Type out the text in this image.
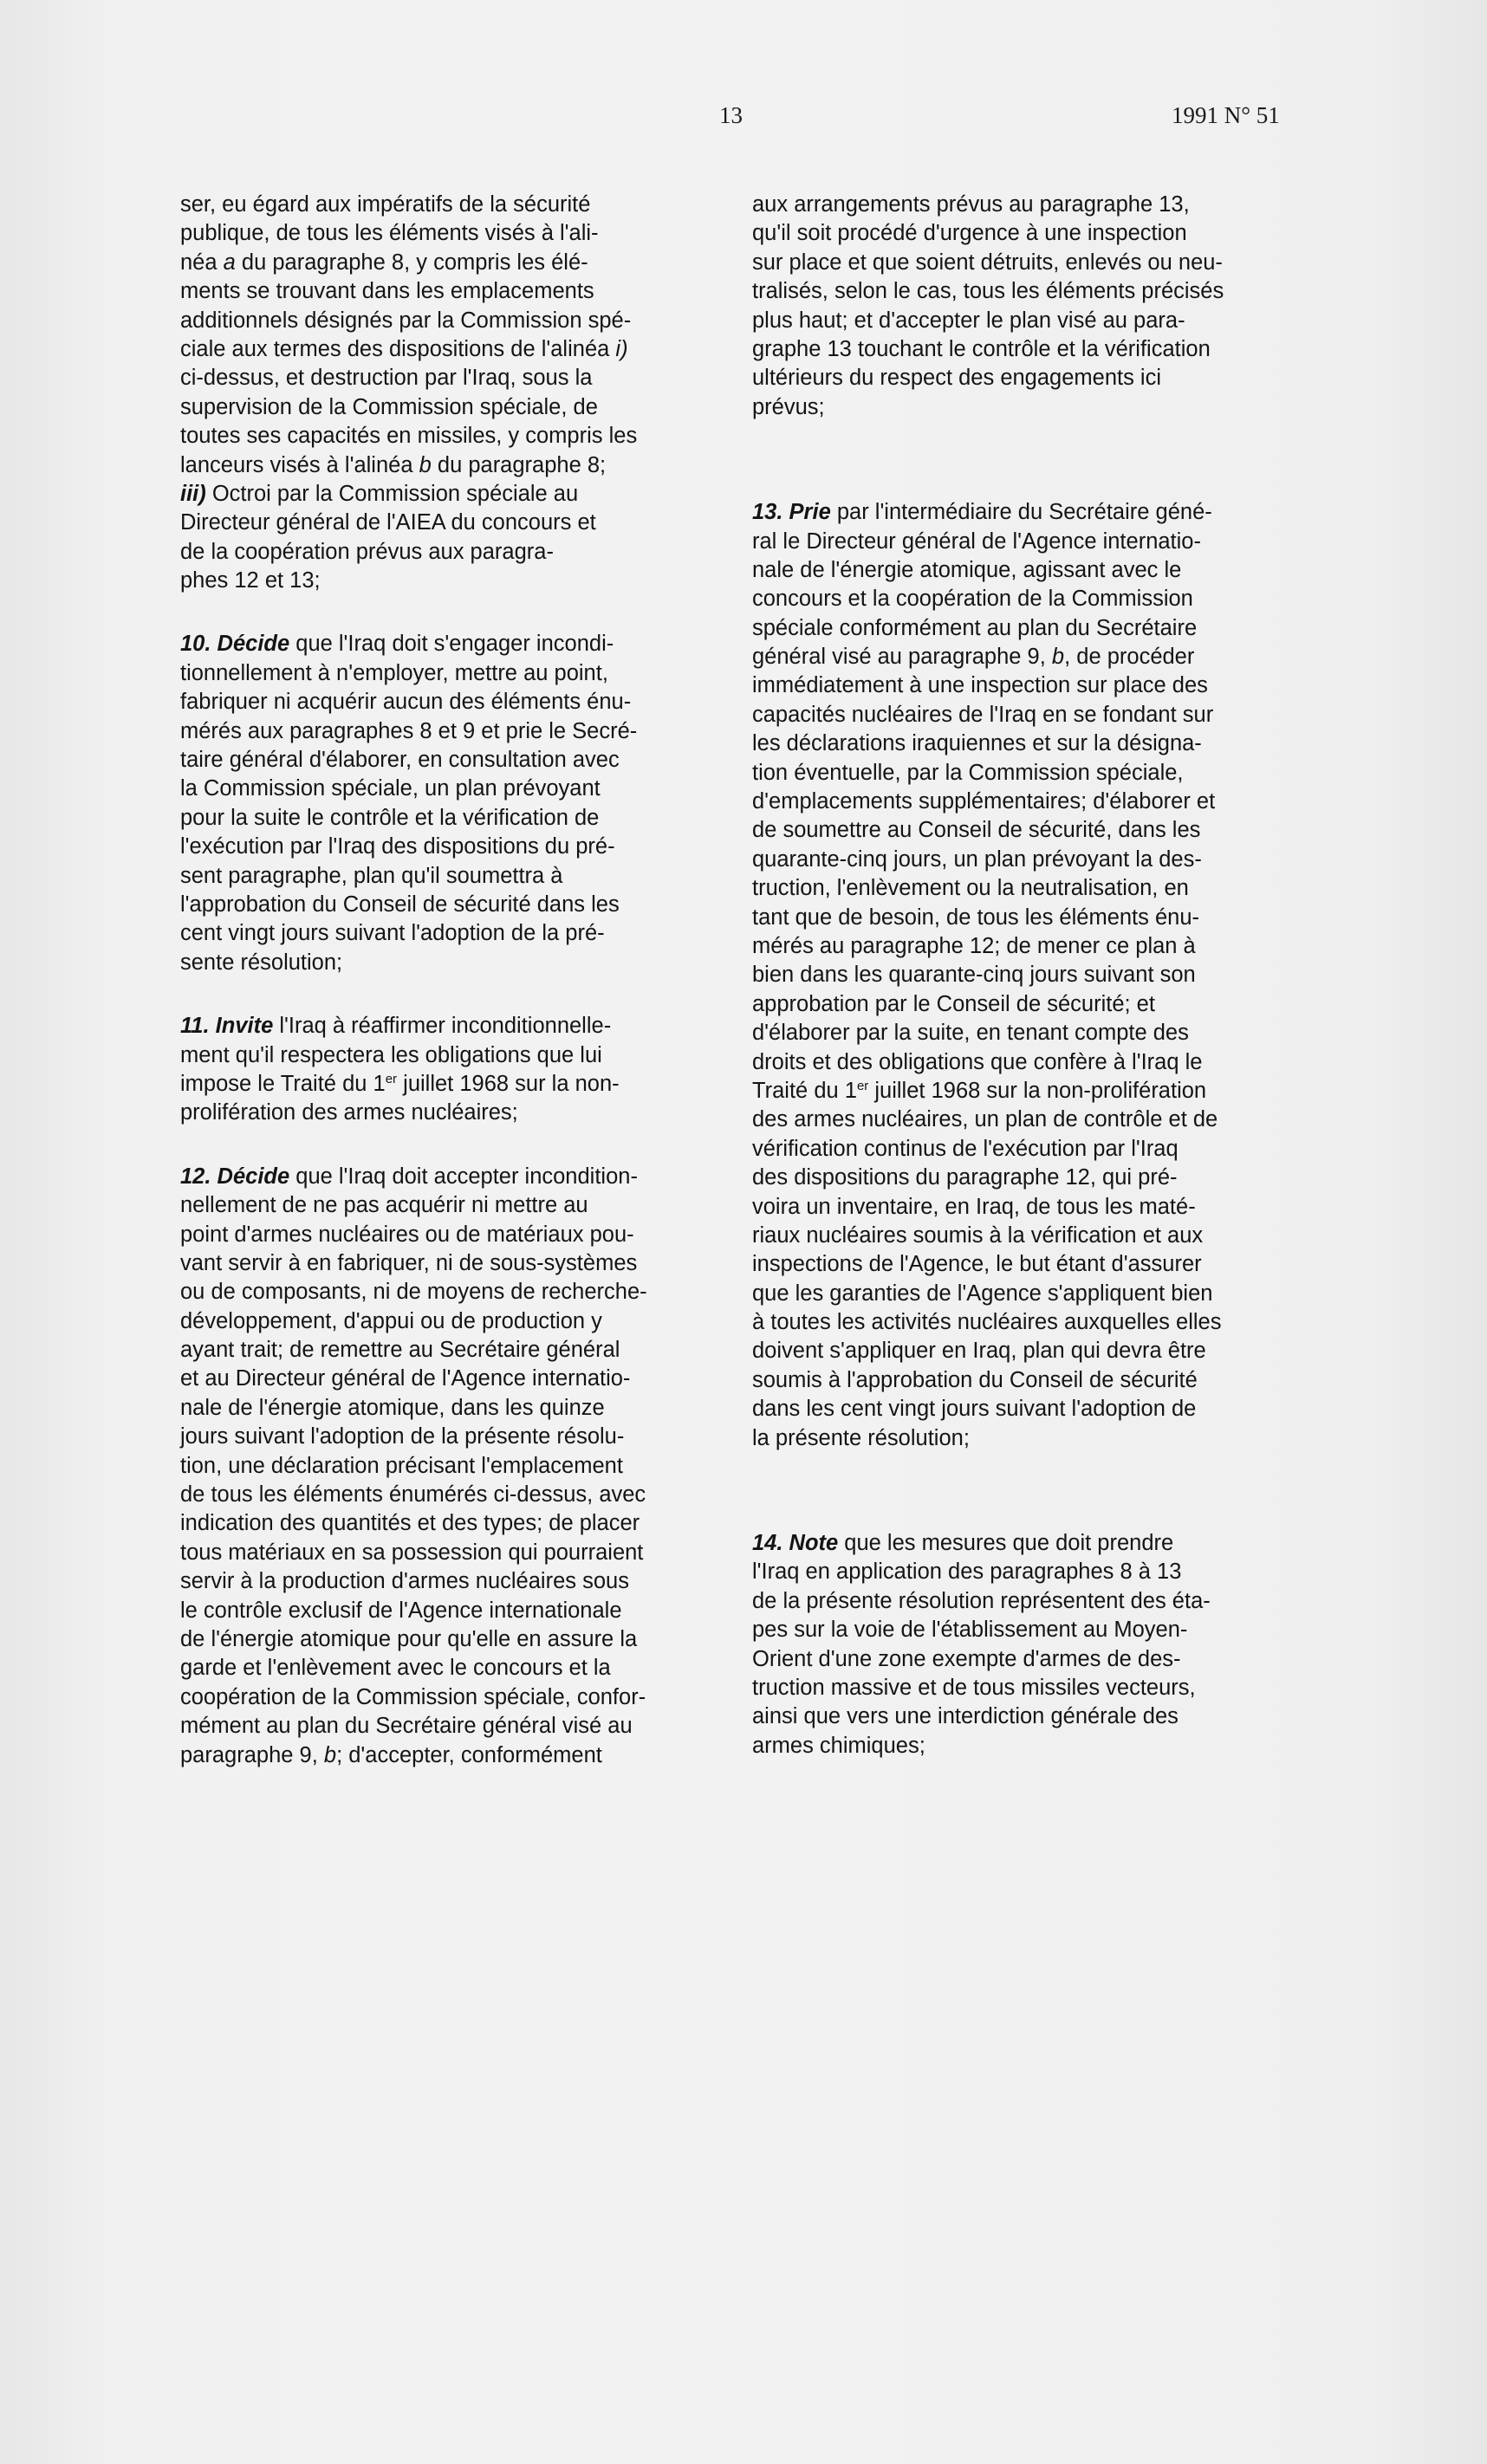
13	1991 N° 51
ser, eu égard aux impératifs de la sécurité
publique, de tous les éléments visés à l'ali-
néa a du paragraphe 8, y compris les élé-
ments se trouvant dans les emplacements
additionnels désignés par la Commission spé-
ciale aux termes des dispositions de l'alinéa i)
ci-dessus, et destruction par l'Iraq, sous la
supervision de la Commission spéciale, de
toutes ses capacités en missiles, y compris les
lanceurs visés à l'alinéa b du paragraphe 8;
iii) Octroi par la Commission spéciale au
Directeur général de l'AIEA du concours et
de la coopération prévus aux paragra-
phes 12 et 13;
10. Décide que l'Iraq doit s'engager incondi-
tionnellement à n'employer, mettre au point,
fabriquer ni acquérir aucun des éléments énu-
mérés aux paragraphes 8 et 9 et prie le Secré-
taire général d'élaborer, en consultation avec
la Commission spéciale, un plan prévoyant
pour la suite le contrôle et la vérification de
l'exécution par l'Iraq des dispositions du pré-
sent paragraphe, plan qu'il soumettra à
l'approbation du Conseil de sécurité dans les
cent vingt jours suivant l'adoption de la pré-
sente résolution;
11. Invite l'Iraq à réaffirmer inconditionnelle-
ment qu'il respectera les obligations que lui
impose le Traité du 1er juillet 1968 sur la non-
prolifération des armes nucléaires;
12. Décide que l'Iraq doit accepter incondition-
nellement de ne pas acquérir ni mettre au
point d'armes nucléaires ou de matériaux pou-
vant servir à en fabriquer, ni de sous-systèmes
ou de composants, ni de moyens de recherche-
développement, d'appui ou de production y
ayant trait; de remettre au Secrétaire général
et au Directeur général de l'Agence internatio-
nale de l'énergie atomique, dans les quinze
jours suivant l'adoption de la présente résolu-
tion, une déclaration précisant l'emplacement
de tous les éléments énumérés ci-dessus, avec
indication des quantités et des types; de placer
tous matériaux en sa possession qui pourraient
servir à la production d'armes nucléaires sous
le contrôle exclusif de l'Agence internationale
de l'énergie atomique pour qu'elle en assure la
garde et l'enlèvement avec le concours et la
coopération de la Commission spéciale, confor-
mément au plan du Secrétaire général visé au
paragraphe 9, b; d'accepter, conformément
aux arrangements prévus au paragraphe 13,
qu'il soit procédé d'urgence à une inspection
sur place et que soient détruits, enlevés ou neu-
tralisés, selon le cas, tous les éléments précisés
plus haut; et d'accepter le plan visé au para-
graphe 13 touchant le contrôle et la vérification
ultérieurs du respect des engagements ici
prévus;
13. Prie par l'intermédiaire du Secrétaire géné-
ral le Directeur général de l'Agence internatio-
nale de l'énergie atomique, agissant avec le
concours et la coopération de la Commission
spéciale conformément au plan du Secrétaire
général visé au paragraphe 9, b, de procéder
immédiatement à une inspection sur place des
capacités nucléaires de l'Iraq en se fondant sur
les déclarations iraquiennes et sur la désigna-
tion éventuelle, par la Commission spéciale,
d'emplacements supplémentaires; d'élaborer et
de soumettre au Conseil de sécurité, dans les
quarante-cinq jours, un plan prévoyant la des-
truction, l'enlèvement ou la neutralisation, en
tant que de besoin, de tous les éléments énu-
mérés au paragraphe 12; de mener ce plan à
bien dans les quarante-cinq jours suivant son
approbation par le Conseil de sécurité; et
d'élaborer par la suite, en tenant compte des
droits et des obligations que confère à l'Iraq le
Traité du 1er juillet 1968 sur la non-prolifération
des armes nucléaires, un plan de contrôle et de
vérification continus de l'exécution par l'Iraq
des dispositions du paragraphe 12, qui pré-
voira un inventaire, en Iraq, de tous les maté-
riaux nucléaires soumis à la vérification et aux
inspections de l'Agence, le but étant d'assurer
que les garanties de l'Agence s'appliquent bien
à toutes les activités nucléaires auxquelles elles
doivent s'appliquer en Iraq, plan qui devra être
soumis à l'approbation du Conseil de sécurité
dans les cent vingt jours suivant l'adoption de
la présente résolution;
14. Note que les mesures que doit prendre
l'Iraq en application des paragraphes 8 à 13
de la présente résolution représentent des éta-
pes sur la voie de l'établissement au Moyen-
Orient d'une zone exempte d'armes de des-
truction massive et de tous missiles vecteurs,
ainsi que vers une interdiction générale des
armes chimiques;
